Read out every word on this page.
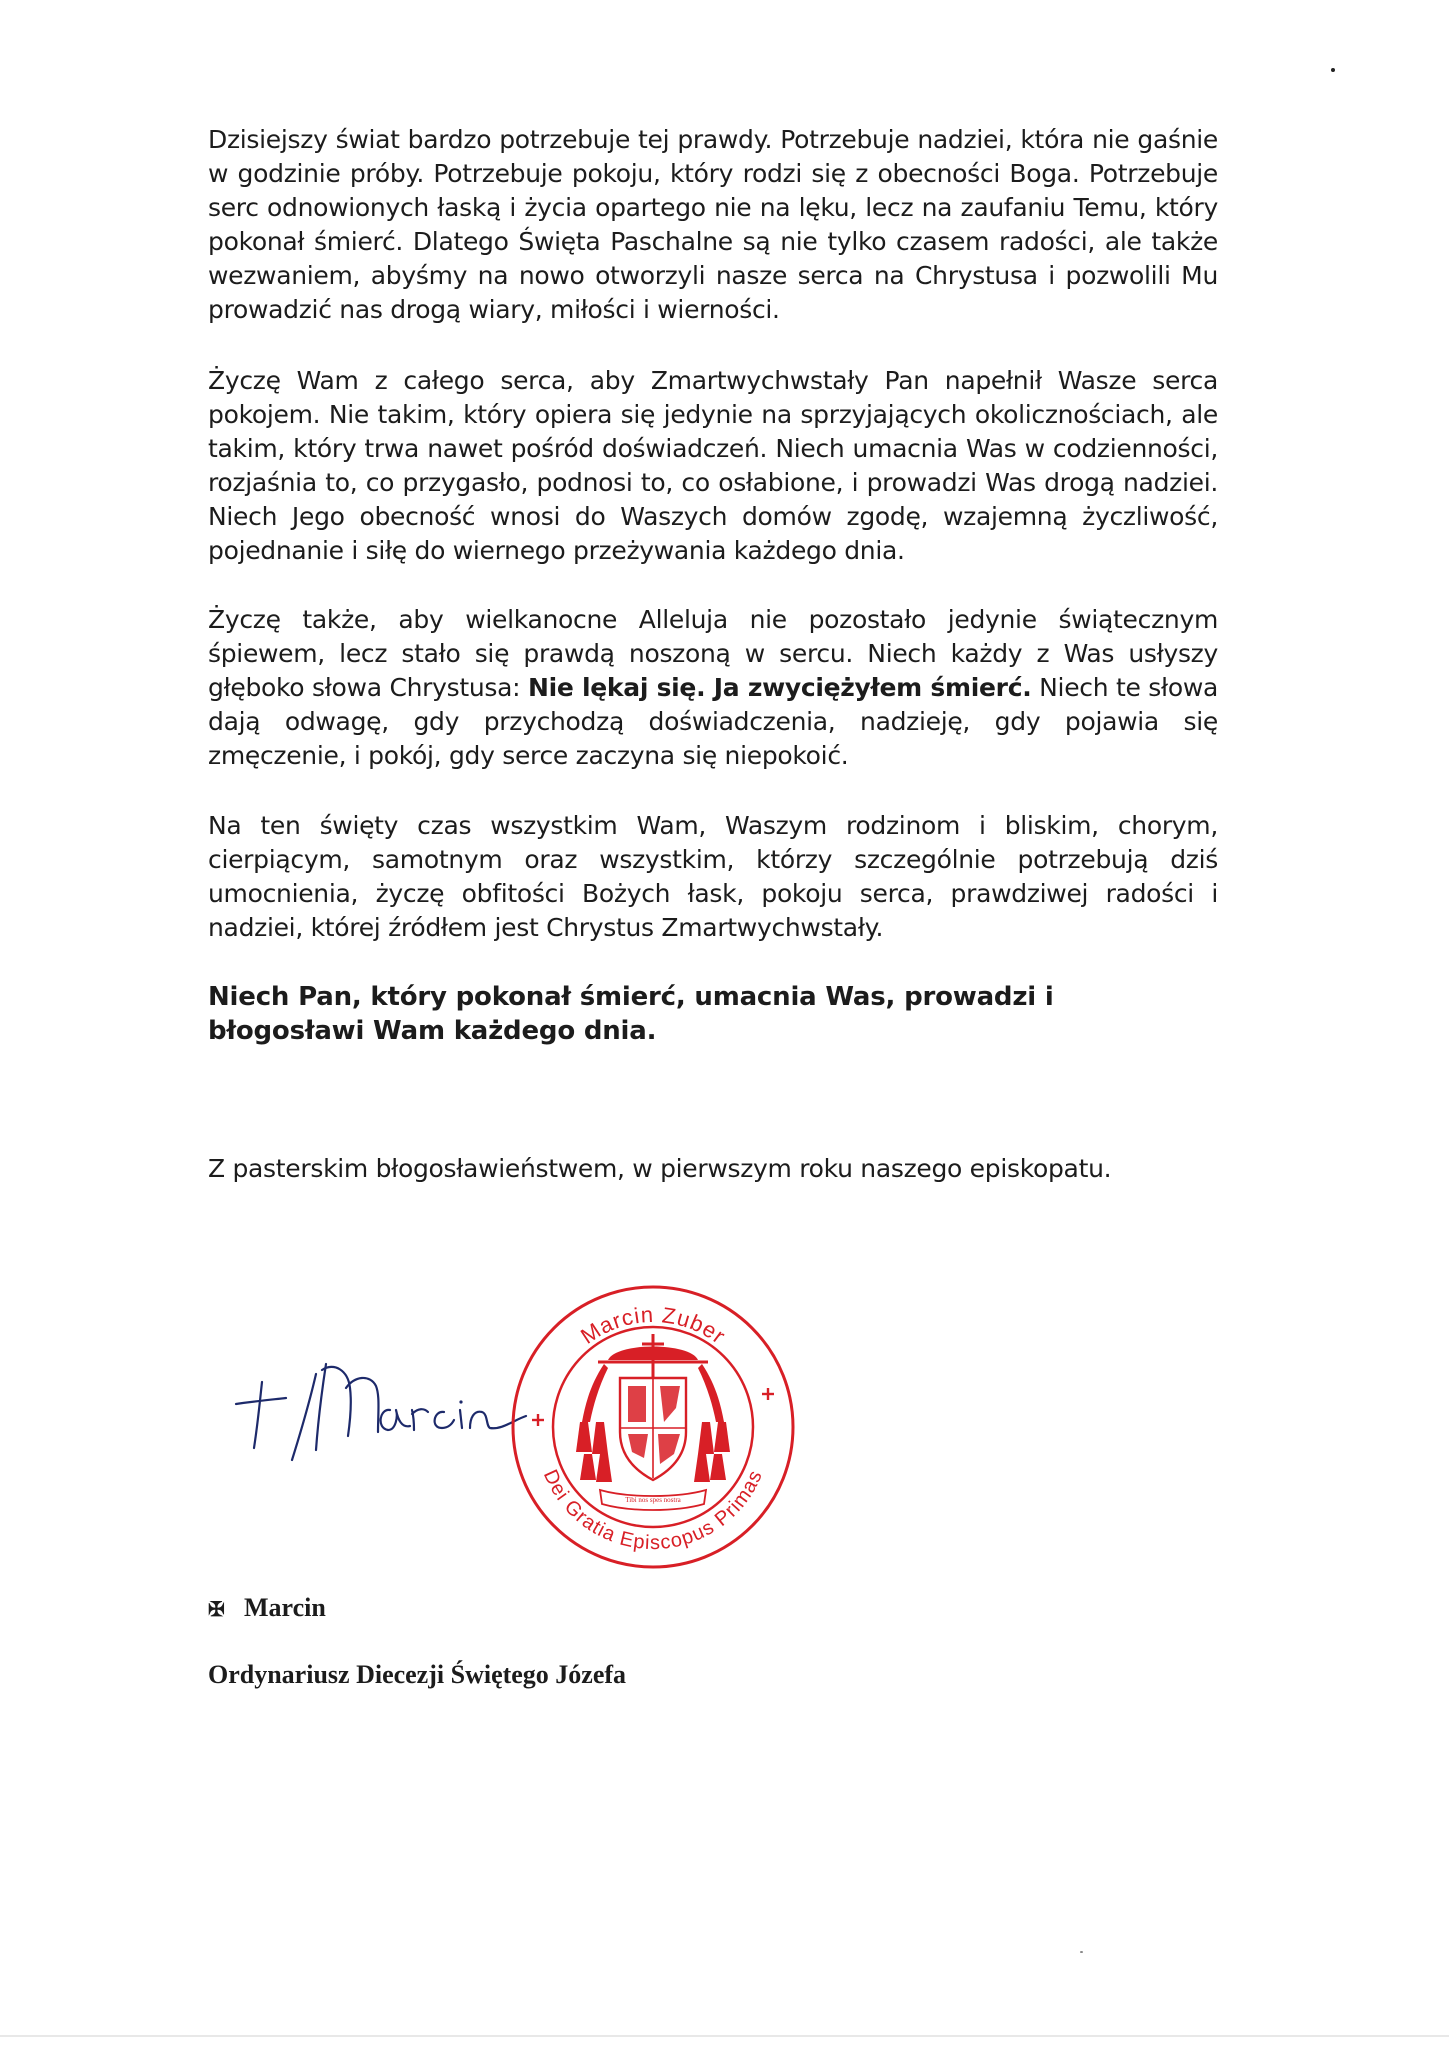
Dzisiejszy świat bardzo potrzebuje tej prawdy. Potrzebuje nadziei, która nie gaśnie w godzinie próby. Potrzebuje pokoju, który rodzi się z obecności Boga. Potrzebuje serc odnowionych łaską i życia opartego nie na lęku, lecz na zaufaniu Temu, który pokonał śmierć. Dlatego Święta Paschalne są nie tylko czasem radości, ale także wezwaniem, abyśmy na nowo otworzyli nasze serca na Chrystusa i pozwolili Mu prowadzić nas drogą wiary, miłości i wierności.

Życzę Wam z całego serca, aby Zmartwychwstały Pan napełnił Wasze serca pokojem. Nie takim, który opiera się jedynie na sprzyjających okolicznościach, ale takim, który trwa nawet pośród doświadczeń. Niech umacnia Was w codzienności, rozjaśnia to, co przygasło, podnosi to, co osłabione, i prowadzi Was drogą nadziei. Niech Jego obecność wnosi do Waszych domów zgodę, wzajemną życzliwość, pojednanie i siłę do wiernego przeżywania każdego dnia.

Życzę także, aby wielkanocne Alleluja nie pozostało jedynie świątecznym śpiewem, lecz stało się prawdą noszoną w sercu. Niech każdy z Was usłyszy głęboko słowa Chrystusa: Nie lękaj się. Ja zwyciężyłem śmierć. Niech te słowa dają odwagę, gdy przychodzą doświadczenia, nadzieję, gdy pojawia się zmęczenie, i pokój, gdy serce zaczyna się niepokoić.

Na ten święty czas wszystkim Wam, Waszym rodzinom i bliskim, chorym, cierpiącym, samotnym oraz wszystkim, którzy szczególnie potrzebują dziś umocnienia, życzę obfitości Bożych łask, pokoju serca, prawdziwej radości i nadziei, której źródłem jest Chrystus Zmartwychwstały.

Niech Pan, który pokonał śmierć, umacnia Was, prowadzi i błogosławi Wam każdego dnia.

Z pasterskim błogosławieństwem, w pierwszym roku naszego episkopatu.

Marcin Zuber
Dei Gratia Episcopus Primas
Tibi nos spes nostra

✠ Marcin

Ordynariusz Diecezji Świętego Józefa
